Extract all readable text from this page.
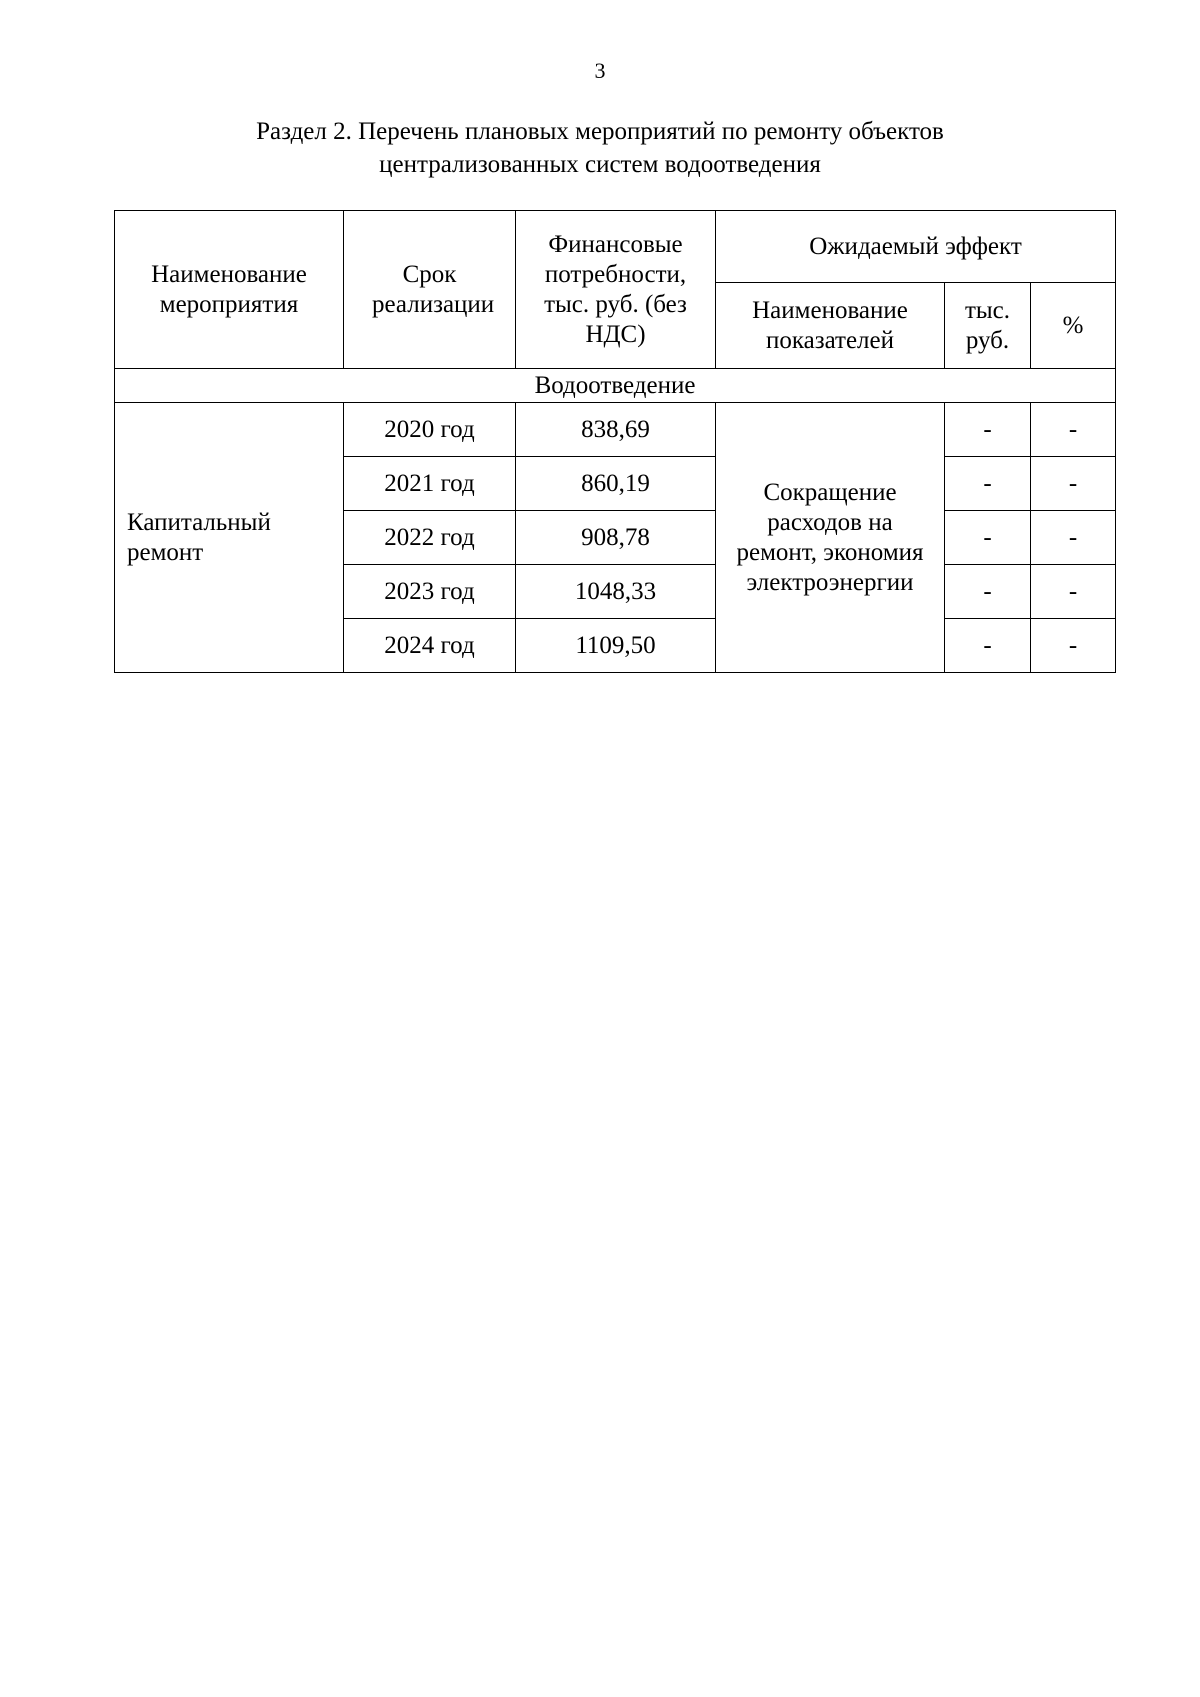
3
Раздел 2. Перечень плановых мероприятий по ремонту объектов
централизованных систем водоотведения
Наименование мероприятия	Срок реализации	Финансовые потребности, тыс. руб. (без НДС)	Ожидаемый эффект		
			Наименование показателей	тыс. руб.	%
Водоотведение					
Капитальный ремонт	2020 год	838,69	Сокращение расходов на ремонт, экономия электроэнергии	-	-
	2021 год	860,19		-	-
	2022 год	908,78		-	-
	2023 год	1048,33		-	-
	2024 год	1109,50		-	-
